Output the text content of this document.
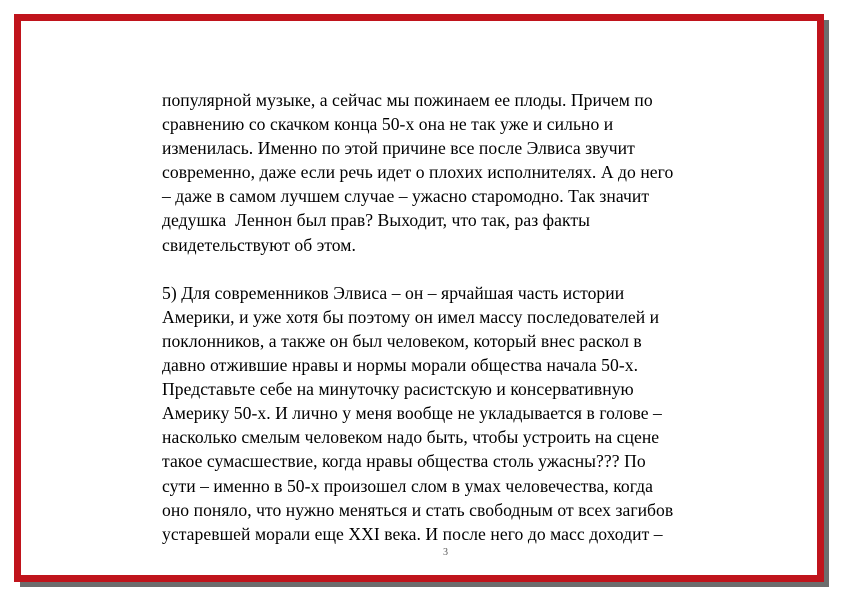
популярной музыке, а сейчас мы пожинаем ее плоды. Причем по
сравнению со скачком конца 50-х она не так уже и сильно и
изменилась. Именно по этой причине все после Элвиса звучит
современно, даже если речь идет о плохих исполнителях. А до него
– даже в самом лучшем случае – ужасно старомодно. Так значит
дедушка  Леннон был прав? Выходит, что так, раз факты
свидетельствуют об этом.
5) Для современников Элвиса – он – ярчайшая часть истории
Америки, и уже хотя бы поэтому он имел массу последователей и
поклонников, а также он был человеком, который внес раскол в
давно отжившие нравы и нормы морали общества начала 50-х.
Представьте себе на минуточку расистскую и консервативную
Америку 50-х. И лично у меня вообще не укладывается в голове –
насколько смелым человеком надо быть, чтобы устроить на сцене
такое сумасшествие, когда нравы общества столь ужасны??? По
сути – именно в 50-х произошел слом в умах человечества, когда
оно поняло, что нужно меняться и стать свободным от всех загибов
устаревшей морали еще XXI века. И после него до масс доходит –
3
